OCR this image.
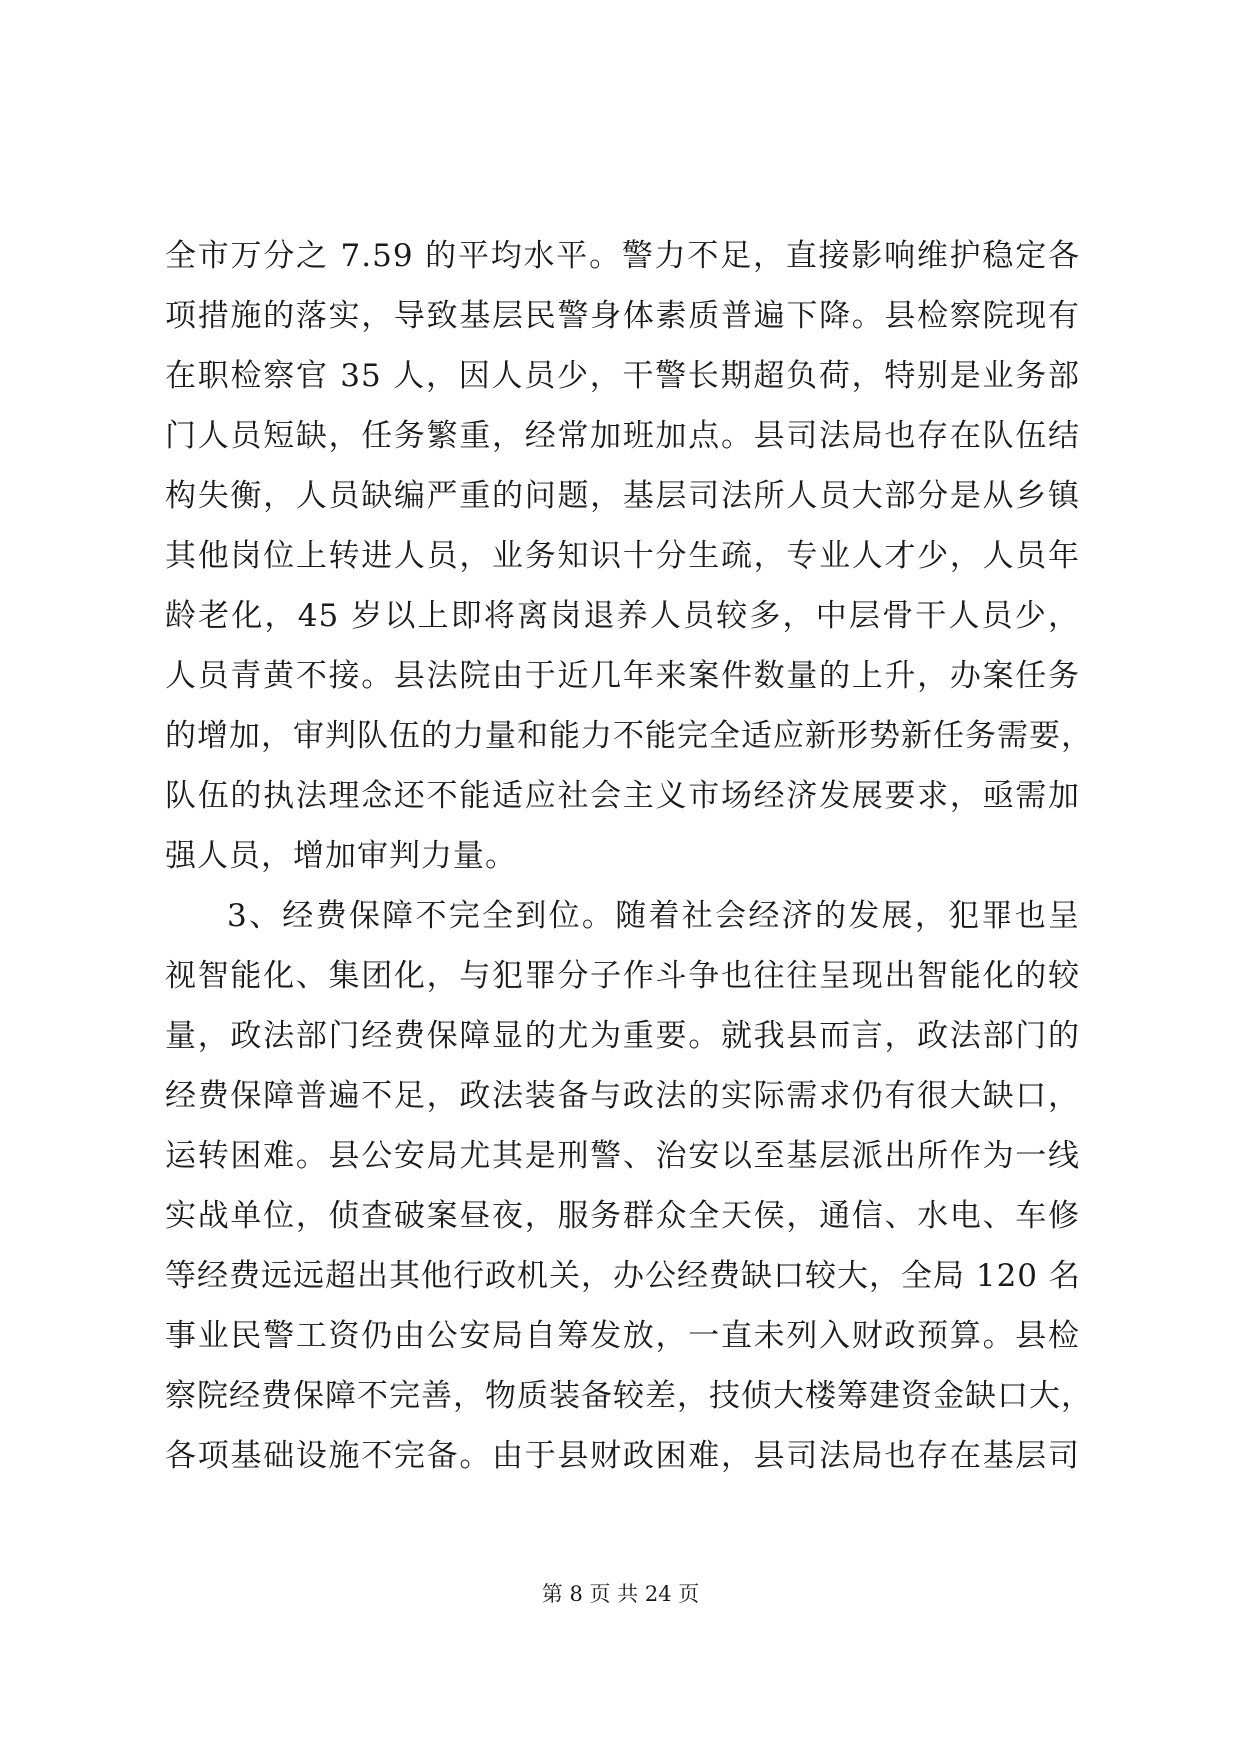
全市万分之 7.59 的平均水平。警力不足，直接影响维护稳定各
项措施的落实，导致基层民警身体素质普遍下降。县检察院现有
在职检察官 35 人，因人员少，干警长期超负荷，特别是业务部
门人员短缺，任务繁重，经常加班加点。县司法局也存在队伍结
构失衡，人员缺编严重的问题，基层司法所人员大部分是从乡镇
其他岗位上转进人员，业务知识十分生疏，专业人才少，人员年
龄老化，45 岁以上即将离岗退养人员较多，中层骨干人员少，
人员青黄不接。县法院由于近几年来案件数量的上升，办案任务
的增加，审判队伍的力量和能力不能完全适应新形势新任务需要，
队伍的执法理念还不能适应社会主义市场经济发展要求，亟需加
强人员，增加审判力量。
3、经费保障不完全到位。随着社会经济的发展，犯罪也呈
视智能化、集团化，与犯罪分子作斗争也往往呈现出智能化的较
量，政法部门经费保障显的尤为重要。就我县而言，政法部门的
经费保障普遍不足，政法装备与政法的实际需求仍有很大缺口，
运转困难。县公安局尤其是刑警、治安以至基层派出所作为一线
实战单位，侦查破案昼夜，服务群众全天侯，通信、水电、车修
等经费远远超出其他行政机关，办公经费缺口较大，全局 120 名
事业民警工资仍由公安局自筹发放，一直未列入财政预算。县检
察院经费保障不完善，物质装备较差，技侦大楼筹建资金缺口大，
各项基础设施不完备。由于县财政困难，县司法局也存在基层司
第 8 页 共 24 页
